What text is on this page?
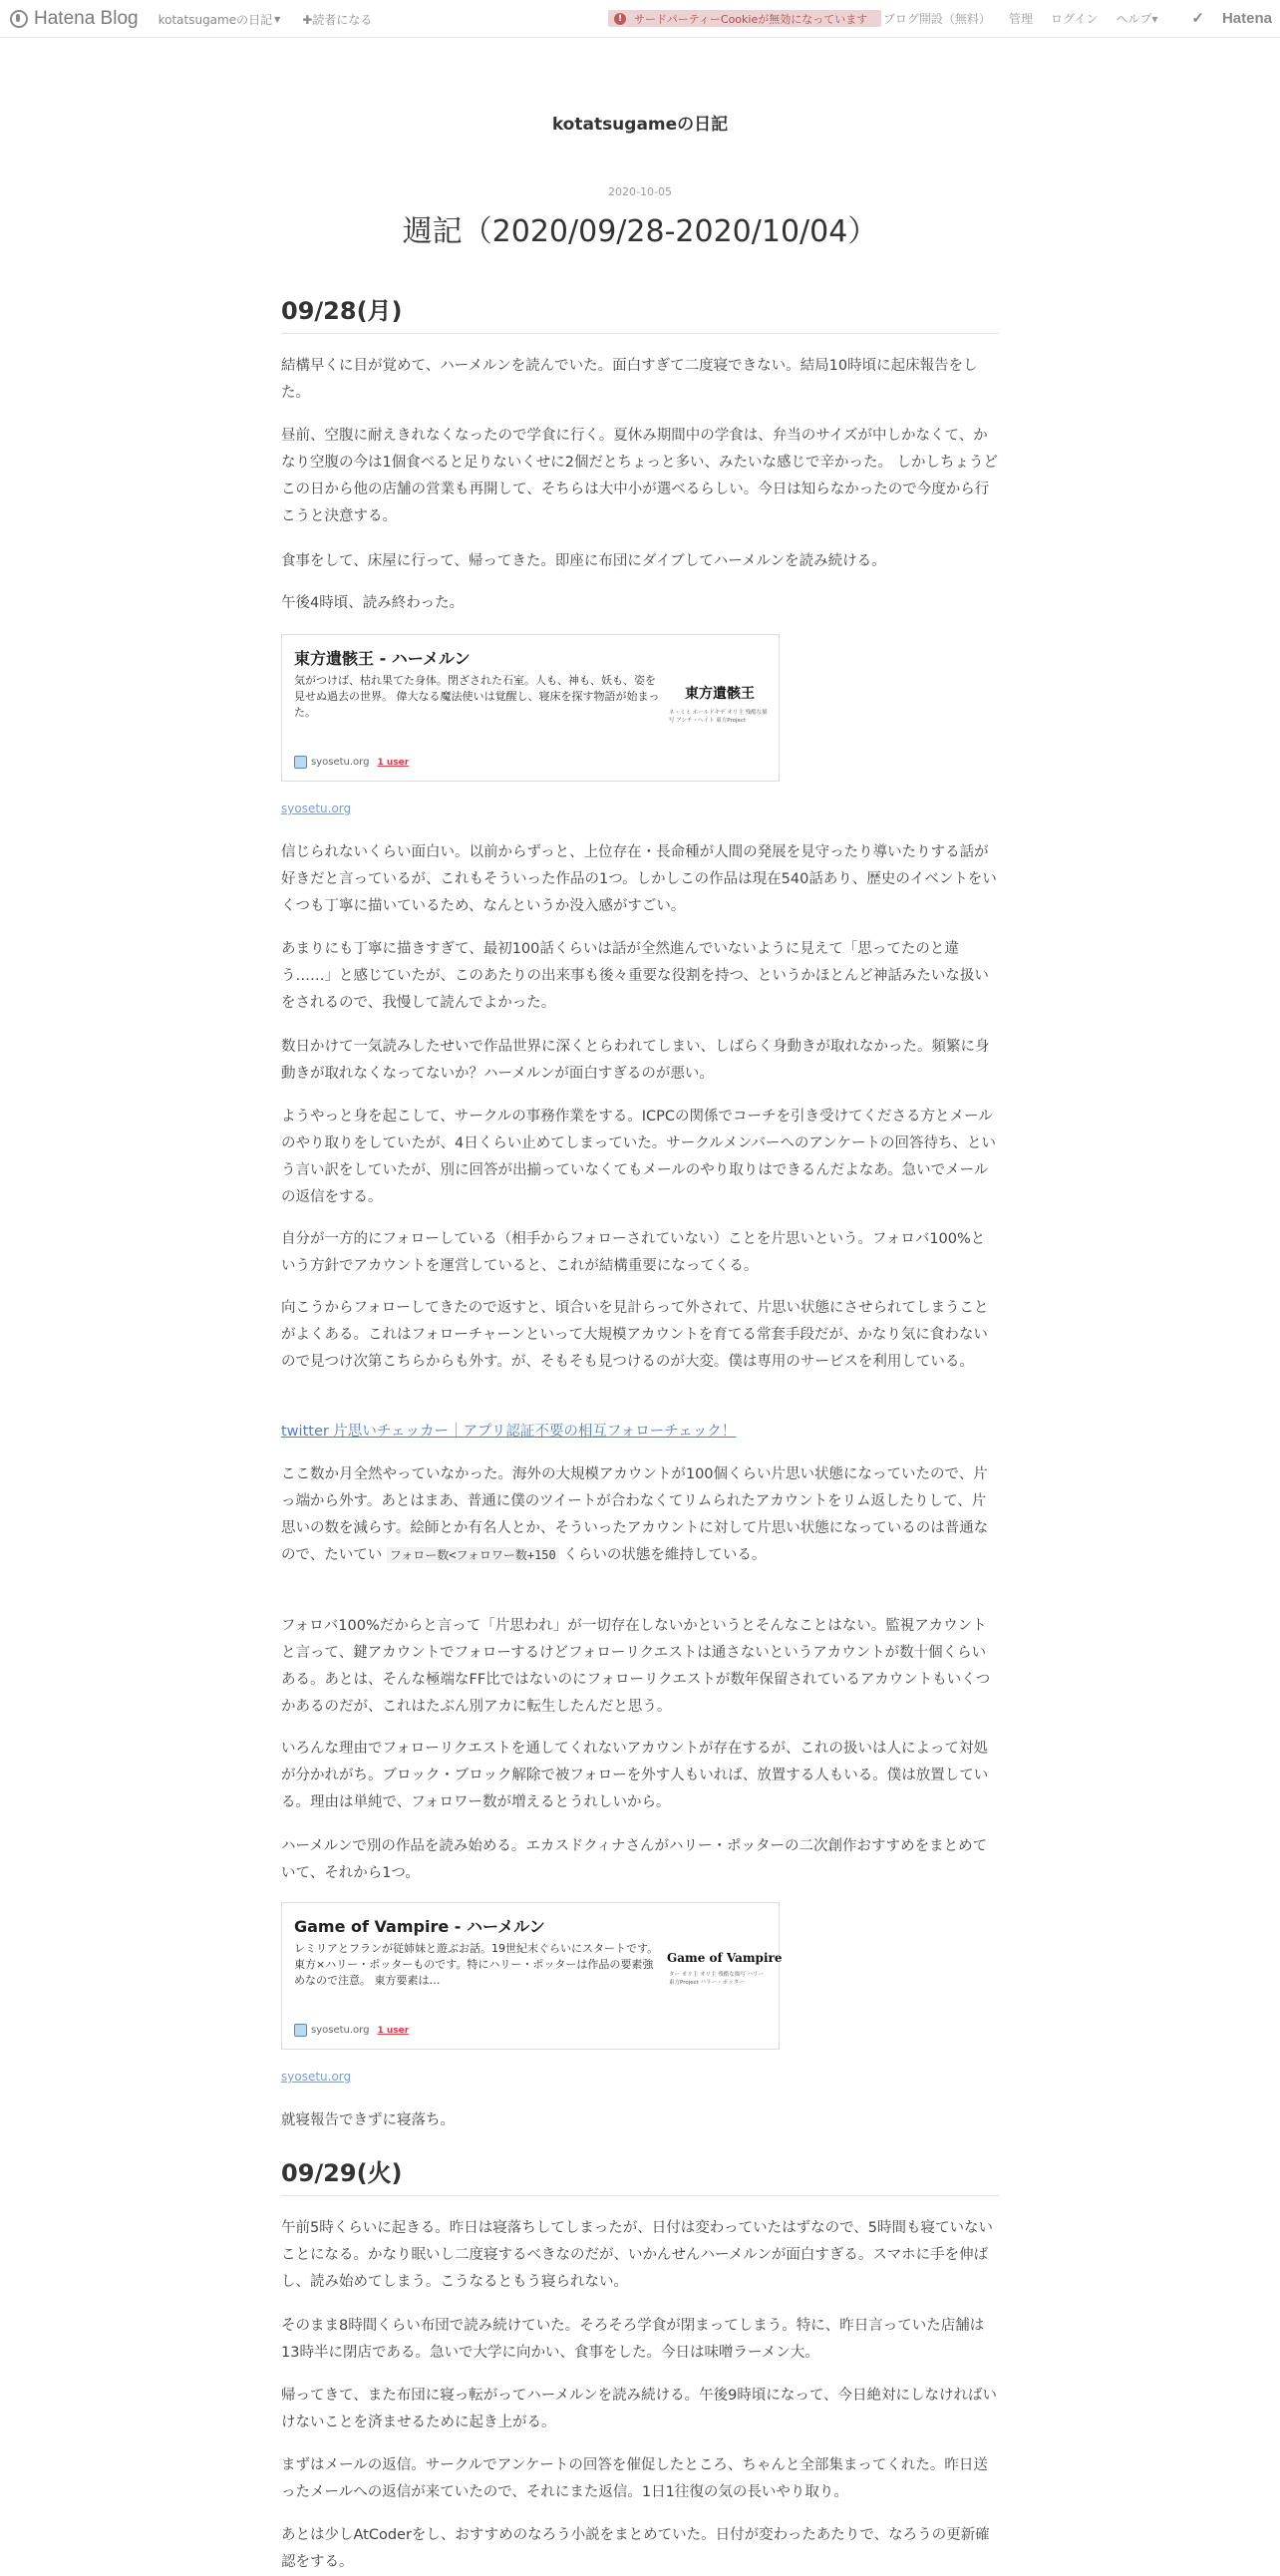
Hatena Blog kotatsugameの日記 ▼ ✚読者になる	!	サードパーティーCookieが無効になっています ブログ開設（無料） 管理 ログイン ヘルプ▾	✓ Hatena
kotatsugameの日記
2020-10-05
週記（2020/09/28-2020/10/04）
09/28(月)

結構早くに目が覚めて、ハーメルンを読んでいた。面白すぎて二度寝できない。結局10時頃に起床報告をした。

昼前、空腹に耐えきれなくなったので学食に行く。夏休み期間中の学食は、弁当のサイズが中しかなくて、かなり空腹の今は1個食べると足りないくせに2個だとちょっと多い、みたいな感じで辛かった。 しかしちょうどこの日から他の店舗の営業も再開して、そちらは大中小が選べるらしい。今日は知らなかったので今度から行こうと決意する。

食事をして、床屋に行って、帰ってきた。即座に布団にダイブしてハーメルンを読み続ける。

午後4時頃、読み終わった。

東方遺骸王 - ハーメルン
気がつけば、枯れ果てた身体。閉ざされた石室。人も、神も、妖も、姿を見せぬ過去の世界。 偉大なる魔法使いは覚醒し、寝床を探す物語が始まった。
東方遺骸王
ネ・ミミ ホールドキデ オリ主 残酷な描写 アンチ・ヘイト 東方Project
syosetu.org 1 user
syosetu.org

信じられないくらい面白い。以前からずっと、上位存在・長命種が人間の発展を見守ったり導いたりする話が好きだと言っているが、これもそういった作品の1つ。しかしこの作品は現在540話あり、歴史のイベントをいくつも丁寧に描いているため、なんというか没入感がすごい。

あまりにも丁寧に描きすぎて、最初100話くらいは話が全然進んでいないように見えて「思ってたのと違う……」と感じていたが、このあたりの出来事も後々重要な役割を持つ、というかほとんど神話みたいな扱いをされるので、我慢して読んでよかった。

数日かけて一気読みしたせいで作品世界に深くとらわれてしまい、しばらく身動きが取れなかった。頻繁に身動きが取れなくなってないか？ハーメルンが面白すぎるのが悪い。

ようやっと身を起こして、サークルの事務作業をする。ICPCの関係でコーチを引き受けてくださる方とメールのやり取りをしていたが、4日くらい止めてしまっていた。サークルメンバーへのアンケートの回答待ち、という言い訳をしていたが、別に回答が出揃っていなくてもメールのやり取りはできるんだよなあ。急いでメールの返信をする。

自分が一方的にフォローしている（相手からフォローされていない）ことを片思いという。フォロバ100%という方針でアカウントを運営していると、これが結構重要になってくる。

向こうからフォローしてきたので返すと、頃合いを見計らって外されて、片思い状態にさせられてしまうことがよくある。これはフォローチャーンといって大規模アカウントを育てる常套手段だが、かなり気に食わないので見つけ次第こちらからも外す。が、そもそも見つけるのが大変。僕は専用のサービスを利用している。

twitter 片思いチェッカー｜アプリ認証不要の相互フォローチェック！

ここ数か月全然やっていなかった。海外の大規模アカウントが100個くらい片思い状態になっていたので、片っ端から外す。あとはまあ、普通に僕のツイートが合わなくてリムられたアカウントをリム返したりして、片思いの数を減らす。絵師とか有名人とか、そういったアカウントに対して片思い状態になっているのは普通なので、たいてい フォロー数<フォロワー数+150 くらいの状態を維持している。

フォロバ100%だからと言って「片思われ」が一切存在しないかというとそんなことはない。監視アカウントと言って、鍵アカウントでフォローするけどフォローリクエストは通さないというアカウントが数十個くらいある。あとは、そんな極端なFF比ではないのにフォローリクエストが数年保留されているアカウントもいくつかあるのだが、これはたぶん別アカに転生したんだと思う。

いろんな理由でフォローリクエストを通してくれないアカウントが存在するが、これの扱いは人によって対処が分かれがち。ブロック・ブロック解除で被フォローを外す人もいれば、放置する人もいる。僕は放置している。理由は単純で、フォロワー数が増えるとうれしいから。

ハーメルンで別の作品を読み始める。エカスドクィナさんがハリー・ポッターの二次創作おすすめをまとめていて、それから1つ。

Game of Vampire - ハーメルン
レミリアとフランが従姉妹と遊ぶお話。19世紀末ぐらいにスタートです。東方×ハリー・ポッターものです。特にハリー・ポッターは作品の要素強めなので注意。 東方要素は…
Game of Vampire
ター オリ主 オリ主 残酷な描写 ハリー 東方Project ハリー・ポッター
syosetu.org 1 user
syosetu.org

就寝報告できずに寝落ち。

09/29(火)

午前5時くらいに起きる。昨日は寝落ちしてしまったが、日付は変わっていたはずなので、5時間も寝ていないことになる。かなり眠いし二度寝するべきなのだが、いかんせんハーメルンが面白すぎる。スマホに手を伸ばし、読み始めてしまう。こうなるともう寝られない。

そのまま8時間くらい布団で読み続けていた。そろそろ学食が閉まってしまう。特に、昨日言っていた店舗は13時半に閉店である。急いで大学に向かい、食事をした。今日は味噌ラーメン大。

帰ってきて、また布団に寝っ転がってハーメルンを読み続ける。午後9時頃になって、今日絶対にしなければいけないことを済ませるために起き上がる。

まずはメールの返信。サークルでアンケートの回答を催促したところ、ちゃんと全部集まってくれた。昨日送ったメールへの返信が来ていたので、それにまた返信。1日1往復の気の長いやり取り。

あとは少しAtCoderをし、おすすめのなろう小説をまとめていた。日付が変わったあたりで、なろうの更新確認をする。
